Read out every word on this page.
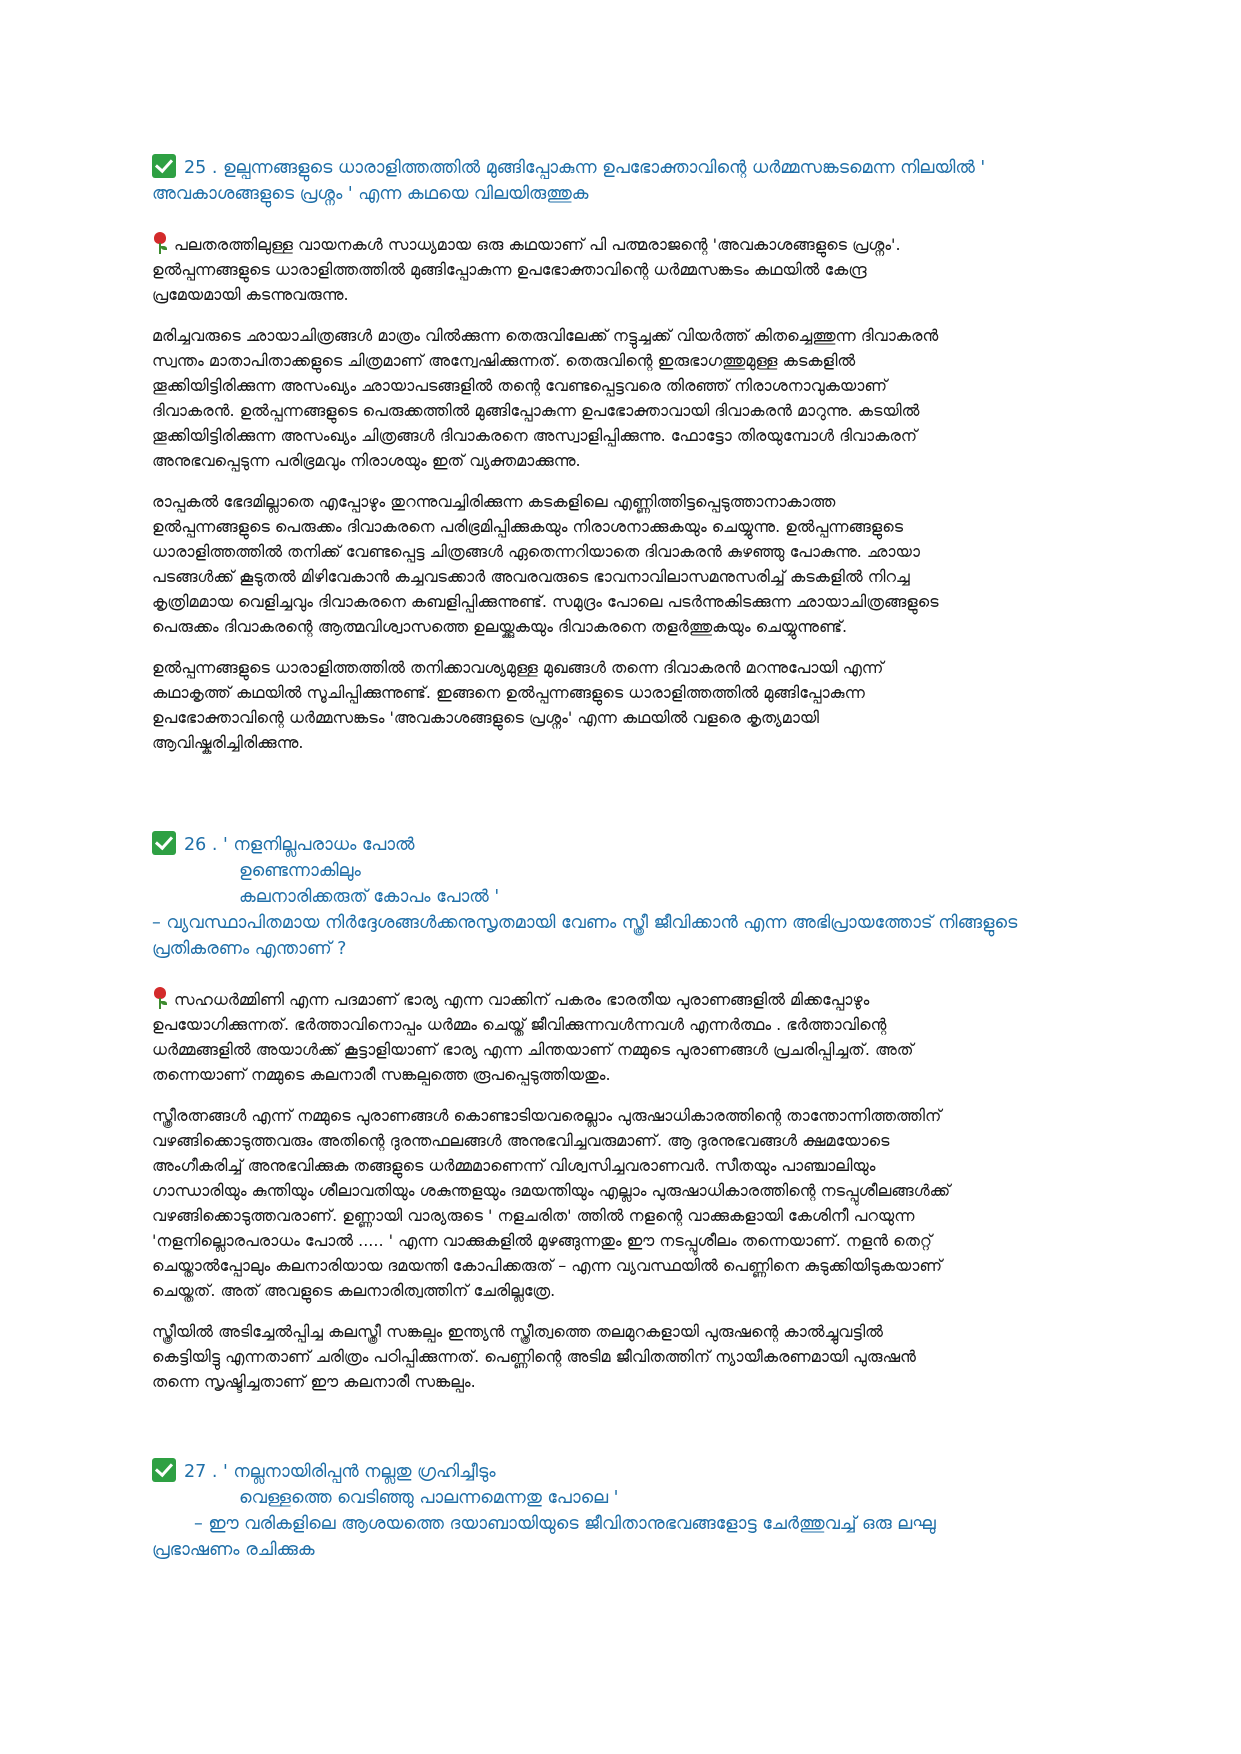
25 . ഉല്പന്നങ്ങളുടെ ധാരാളിത്തത്തിൽ മുങ്ങിപ്പോകുന്ന ഉപഭോക്താവിന്റെ ധർമ്മസങ്കടമെന്ന നിലയിൽ '
അവകാശങ്ങളുടെ പ്രശ്നം ' എന്ന കഥയെ വിലയിരുത്തുക
പലതരത്തിലുള്ള വായനകൾ സാധ്യമായ ഒരു കഥയാണ് പി പത്മരാജന്റെ 'അവകാശങ്ങളുടെ പ്രശ്നം'.
ഉൽപ്പന്നങ്ങളുടെ ധാരാളിത്തത്തിൽ മുങ്ങിപ്പോകുന്ന ഉപഭോക്താവിന്റെ ധർമ്മസങ്കടം കഥയിൽ കേന്ദ്ര
പ്രമേയമായി കടന്നുവരുന്നു.
മരിച്ചവരുടെ ഛായാചിത്രങ്ങൾ മാത്രം വിൽക്കുന്ന തെരുവിലേക്ക് നട്ടുച്ചക്ക് വിയർത്ത് കിതച്ചെത്തുന്ന ദിവാകരൻ
സ്വന്തം മാതാപിതാക്കളുടെ ചിത്രമാണ് അന്വേഷിക്കുന്നത്. തെരുവിന്റെ ഇരുഭാഗത്തുമുള്ള കടകളിൽ
തൂക്കിയിട്ടിരിക്കുന്ന അസംഖ്യം ഛായാപടങ്ങളിൽ തന്റെ വേണ്ടപ്പെട്ടവരെ തിരഞ്ഞ് നിരാശനാവുകയാണ്
ദിവാകരൻ. ഉൽപ്പന്നങ്ങളുടെ പെരുക്കത്തിൽ മുങ്ങിപ്പോകുന്ന ഉപഭോക്താവായി ദിവാകരൻ മാറുന്നു. കടയിൽ
തൂക്കിയിട്ടിരിക്കുന്ന അസംഖ്യം ചിത്രങ്ങൾ ദിവാകരനെ അസ്വാളിപ്പിക്കുന്നു. ഫോട്ടോ തിരയുമ്പോൾ ദിവാകരന്
അനുഭവപ്പെടുന്ന പരിഭ്രമവും നിരാശയും ഇത് വ്യക്തമാക്കുന്നു.
രാപ്പകൽ ഭേദമില്ലാതെ എപ്പോഴും തുറന്നുവച്ചിരിക്കുന്ന കടകളിലെ എണ്ണിത്തിട്ടപ്പെടുത്താനാകാത്ത
ഉൽപ്പന്നങ്ങളുടെ പെരുക്കം ദിവാകരനെ പരിഭ്രമിപ്പിക്കുകയും നിരാശനാക്കുകയും ചെയ്യുന്നു. ഉൽപ്പന്നങ്ങളുടെ
ധാരാളിത്തത്തിൽ തനിക്ക് വേണ്ടപ്പെട്ട ചിത്രങ്ങൾ ഏതെന്നറിയാതെ ദിവാകരൻ കുഴഞ്ഞു പോകുന്നു. ഛായാ
പടങ്ങൾക്ക് കൂടുതൽ മിഴിവേകാൻ കച്ചവടക്കാർ അവരവരുടെ ഭാവനാവിലാസമനുസരിച്ച് കടകളിൽ നിറച്ച
കൃത്രിമമായ വെളിച്ചവും ദിവാകരനെ കബളിപ്പിക്കുന്നുണ്ട്. സമുദ്രം പോലെ പടർന്നുകിടക്കുന്ന ഛായാചിത്രങ്ങളുടെ
പെരുക്കം ദിവാകരന്റെ ആത്മവിശ്വാസത്തെ ഉലയ്ക്കുകയും ദിവാകരനെ തളർത്തുകയും ചെയ്യുന്നുണ്ട്.
ഉൽപ്പന്നങ്ങളുടെ ധാരാളിത്തത്തിൽ തനിക്കാവശ്യമുള്ള മുഖങ്ങൾ തന്നെ ദിവാകരൻ മറന്നുപോയി എന്ന്
കഥാകൃത്ത് കഥയിൽ സൂചിപ്പിക്കുന്നുണ്ട്. ഇങ്ങനെ ഉൽപ്പന്നങ്ങളുടെ ധാരാളിത്തത്തിൽ മുങ്ങിപ്പോകുന്ന
ഉപഭോക്താവിന്റെ ധർമ്മസങ്കടം 'അവകാശങ്ങളുടെ പ്രശ്നം' എന്ന കഥയിൽ വളരെ കൃത്യമായി
ആവിഷ്കരിച്ചിരിക്കുന്നു.
26 . ' നളനില്ലപരാധം പോൽ
ഉണ്ടെന്നാകിലും
കലനാരിക്കരുത് കോപം പോൽ '
– വ്യവസ്ഥാപിതമായ നിർദ്ദേശങ്ങൾക്കനുസൃതമായി വേണം സ്ത്രീ ജീവിക്കാൻ എന്ന അഭിപ്രായത്തോട് നിങ്ങളുടെ
പ്രതികരണം എന്താണ് ?
സഹധർമ്മിണി എന്ന പദമാണ് ഭാര്യ എന്ന വാക്കിന് പകരം ഭാരതീയ പുരാണങ്ങളിൽ മിക്കപ്പോഴും
ഉപയോഗിക്കുന്നത്. ഭർത്താവിനൊപ്പം ധർമ്മം ചെയ്ത് ജീവിക്കുന്നവൾന്നവൾ എന്നർത്ഥം . ഭർത്താവിന്റെ
ധർമ്മങ്ങളിൽ അയാൾക്ക് കൂട്ടാളിയാണ് ഭാര്യ എന്ന ചിന്തയാണ് നമ്മുടെ പുരാണങ്ങൾ പ്രചരിപ്പിച്ചത്. അത്
തന്നെയാണ് നമ്മുടെ കലനാരീ സങ്കല്പത്തെ രൂപപ്പെടുത്തിയതും.
സ്ത്രീരത്നങ്ങൾ എന്ന് നമ്മുടെ പുരാണങ്ങൾ കൊണ്ടാടിയവരെല്ലാം പുരുഷാധികാരത്തിന്റെ താന്തോന്നിത്തത്തിന്
വഴങ്ങിക്കൊടുത്തവരും അതിന്റെ ദുരന്തഫലങ്ങൾ അനുഭവിച്ചവരുമാണ്. ആ ദുരനുഭവങ്ങൾ ക്ഷമയോടെ
അംഗീകരിച്ച് അനുഭവിക്കുക തങ്ങളുടെ ധർമ്മമാണെന്ന് വിശ്വസിച്ചവരാണവർ. സീതയും പാഞ്ചാലിയും
ഗാന്ധാരിയും കുന്തിയും ശീലാവതിയും ശകുന്തളയും ദമയന്തിയും എല്ലാം പുരുഷാധികാരത്തിന്റെ നടപ്പുശീലങ്ങൾക്ക്
വഴങ്ങിക്കൊടുത്തവരാണ്. ഉണ്ണായി വാര്യരുടെ ' നളചരിത' ത്തിൽ നളന്റെ വാക്കുകളായി കേശിനീ പറയുന്ന
'നളനില്ലൊരപരാധം പോൽ ..... ' എന്ന വാക്കുകളിൽ മുഴങ്ങുന്നതും ഈ നടപ്പുശീലം തന്നെയാണ്. നളൻ തെറ്റ്
ചെയ്താൽപ്പോലും കലനാരിയായ ദമയന്തി കോപിക്കരുത് – എന്ന വ്യവസ്ഥയിൽ പെണ്ണിനെ കുടുക്കിയിടുകയാണ്
ചെയ്തത്. അത് അവളുടെ കലനാരിത്വത്തിന് ചേരില്ലത്രേ.
സ്ത്രീയിൽ അടിച്ചേൽപ്പിച്ച കലസ്ത്രീ സങ്കല്പം ഇന്ത്യൻ സ്ത്രീത്വത്തെ തലമുറകളായി പുരുഷന്റെ കാൽച്ചുവട്ടിൽ
കെട്ടിയിട്ടു എന്നതാണ് ചരിത്രം പഠിപ്പിക്കുന്നത്. പെണ്ണിന്റെ അടിമ ജീവിതത്തിന് ന്യായീകരണമായി പുരുഷൻ
തന്നെ സൃഷ്ടിച്ചതാണ് ഈ കലനാരീ സങ്കല്പം.
27 . ' നല്ലനായിരിപ്പൻ നല്ലതു ഗ്രഹിച്ചീടും
വെള്ളത്തെ വെടിഞ്ഞു പാലന്നമെന്നതു പോലെ '
– ഈ വരികളിലെ ആശയത്തെ ദയാബായിയുടെ ജീവിതാനുഭവങ്ങളോട്ട ചേർത്തുവച്ച് ഒരു ലഘു
പ്രഭാഷണം രചിക്കുക
